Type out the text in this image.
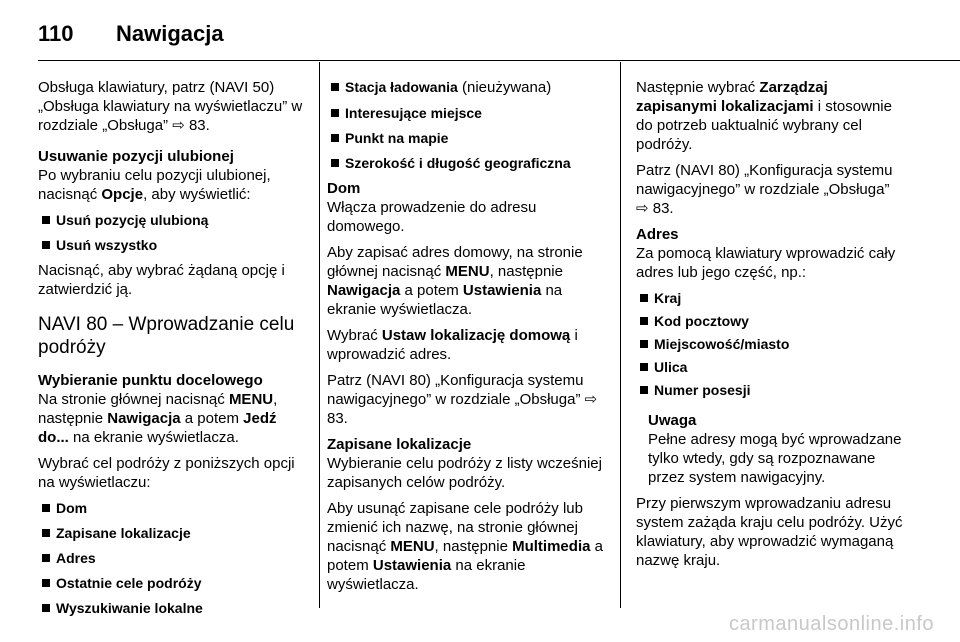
110 Nawigacja

Obsługa klawiatury, patrz (NAVI 50) „Obsługa klawiatury na wyświetlaczu” w rozdziale „Obsługa” ⇨ 83.

Usuwanie pozycji ulubionej

Po wybraniu celu pozycji ulubionej, nacisnąć Opcje, aby wyświetlić:

Usuń pozycję ulubioną
Usuń wszystko

Nacisnąć, aby wybrać żądaną opcję i zatwierdzić ją.

NAVI 80 – Wprowadzanie celu podróży

Wybieranie punktu docelowego

Na stronie głównej nacisnąć MENU, następnie Nawigacja a potem Jedź do... na ekranie wyświetlacza.

Wybrać cel podróży z poniższych opcji na wyświetlaczu:

Dom
Zapisane lokalizacje
Adres
Ostatnie cele podróży
Wyszukiwanie lokalne
Stacja ładowania (nieużywana)
Interesujące miejsce
Punkt na mapie
Szerokość i długość geograficzna

Dom

Włącza prowadzenie do adresu domowego.

Aby zapisać adres domowy, na stronie głównej nacisnąć MENU, następnie Nawigacja a potem Ustawienia na ekranie wyświetlacza.

Wybrać Ustaw lokalizację domową i wprowadzić adres.

Patrz (NAVI 80) „Konfiguracja systemu nawigacyjnego” w rozdziale „Obsługa” ⇨ 83.

Zapisane lokalizacje

Wybieranie celu podróży z listy wcześniej zapisanych celów podróży.

Aby usunąć zapisane cele podróży lub zmienić ich nazwę, na stronie głównej nacisnąć MENU, następnie Multimedia a potem Ustawienia na ekranie wyświetlacza.

Następnie wybrać Zarządzaj zapisanymi lokalizacjami i stosownie do potrzeb uaktualnić wybrany cel podróży.

Patrz (NAVI 80) „Konfiguracja systemu nawigacyjnego” w rozdziale „Obsługa” ⇨ 83.

Adres

Za pomocą klawiatury wprowadzić cały adres lub jego część, np.:

Kraj
Kod pocztowy
Miejscowość/miasto
Ulica
Numer posesji

Uwaga

Pełne adresy mogą być wprowadzane tylko wtedy, gdy są rozpoznawane przez system nawigacyjny.

Przy pierwszym wprowadzaniu adresu system zażąda kraju celu podróży. Użyć klawiatury, aby wprowadzić wymaganą nazwę kraju.

carmanualsonline.info
